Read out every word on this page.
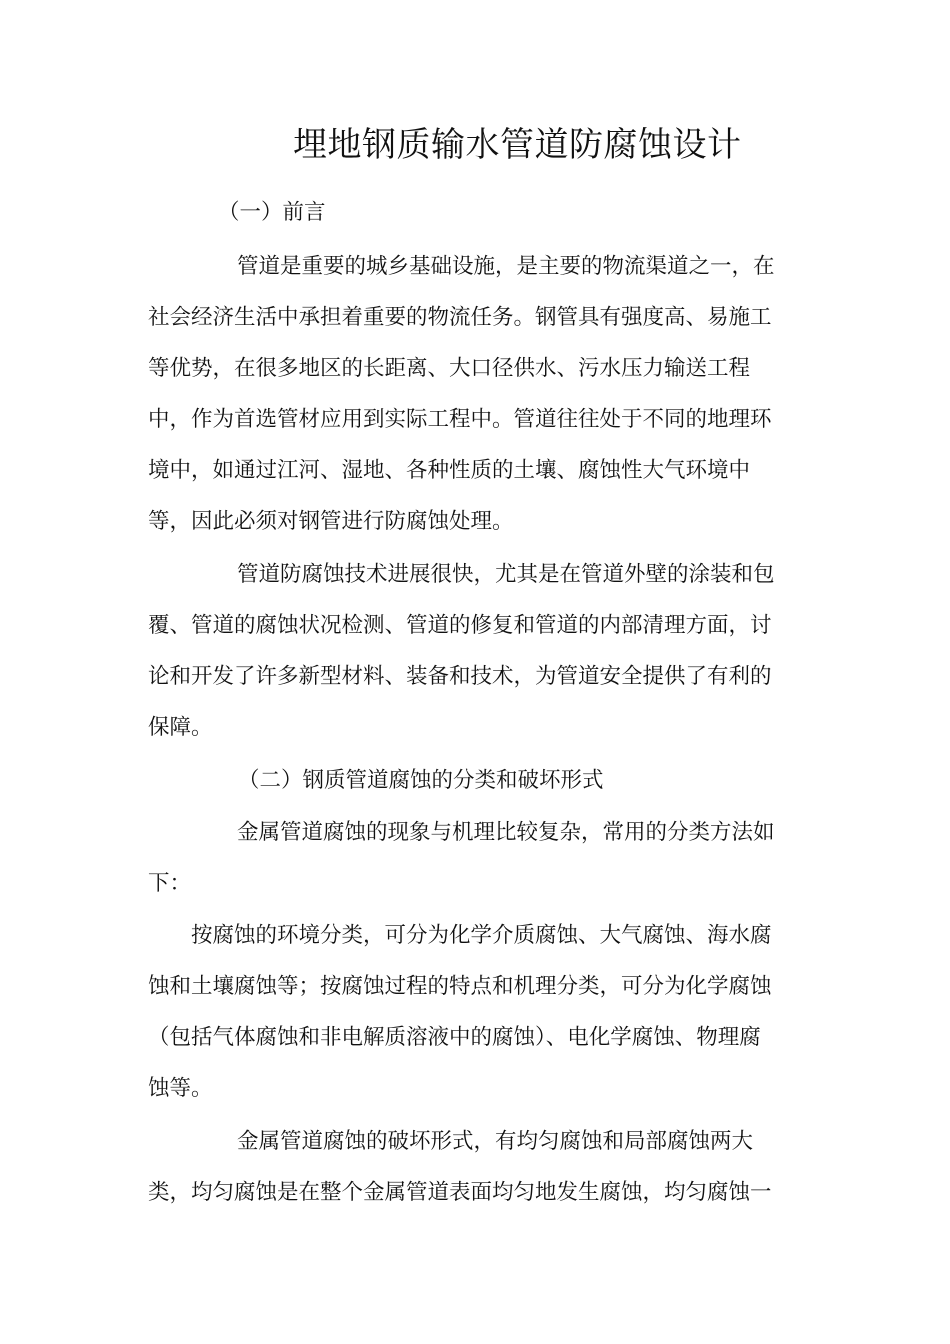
埋地钢质输水管道防腐蚀设计
（一）前言
管道是重要的城乡基础设施，是主要的物流渠道之一，在
社会经济生活中承担着重要的物流任务。钢管具有强度高、易施工
等优势，在很多地区的长距离、大口径供水、污水压力输送工程
中，作为首选管材应用到实际工程中。管道往往处于不同的地理环
境中，如通过江河、湿地、各种性质的土壤、腐蚀性大气环境中
等，因此必须对钢管进行防腐蚀处理。
管道防腐蚀技术进展很快，尤其是在管道外壁的涂装和包
覆、管道的腐蚀状况检测、管道的修复和管道的内部清理方面，讨
论和开发了许多新型材料、装备和技术，为管道安全提供了有利的
保障。
（二）钢质管道腐蚀的分类和破坏形式
金属管道腐蚀的现象与机理比较复杂，常用的分类方法如
下：
按腐蚀的环境分类，可分为化学介质腐蚀、大气腐蚀、海水腐
蚀和土壤腐蚀等；按腐蚀过程的特点和机理分类，可分为化学腐蚀
（包括气体腐蚀和非电解质溶液中的腐蚀）、电化学腐蚀、物理腐
蚀等。
金属管道腐蚀的破坏形式，有均匀腐蚀和局部腐蚀两大
类，均匀腐蚀是在整个金属管道表面均匀地发生腐蚀，均匀腐蚀一
